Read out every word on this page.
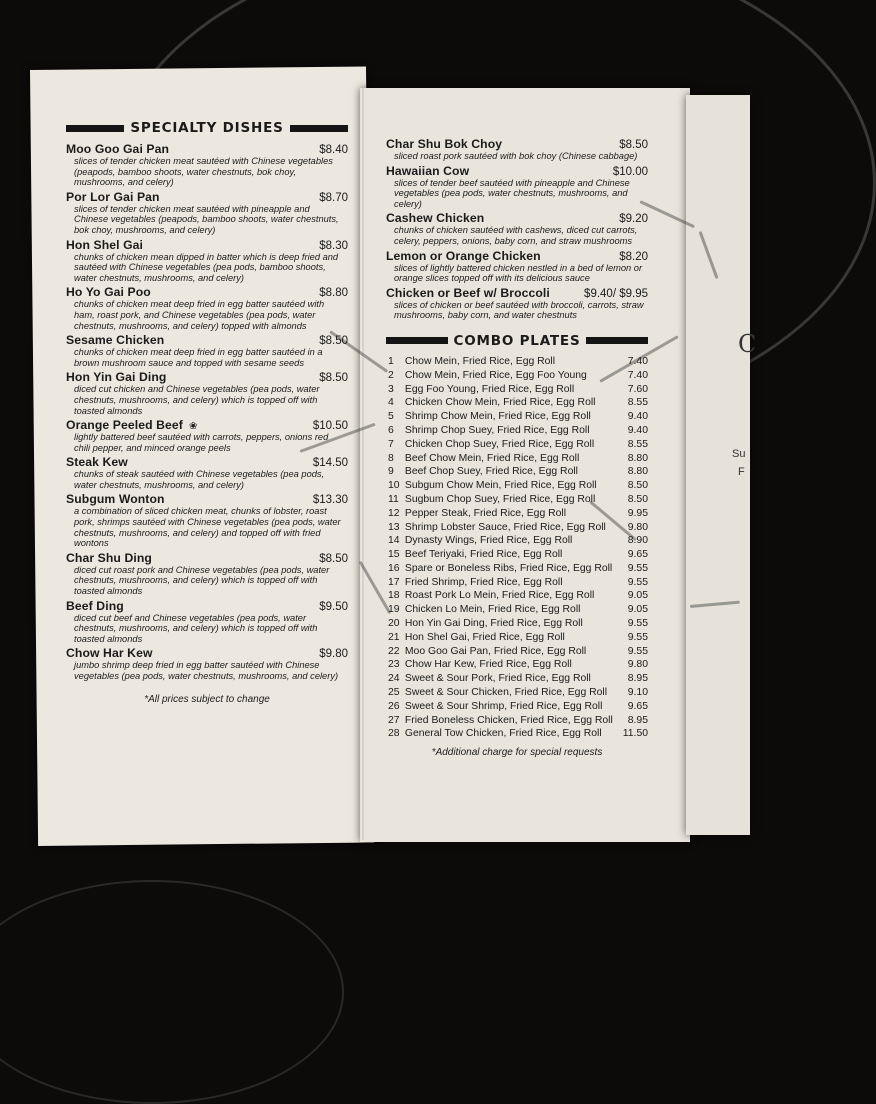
C
Su
F
SPECIALTY DISHES
Moo Goo Gai Pan	$8.40
slices of tender chicken meat sautéed with Chinese vegetables (peapods, bamboo shoots, water chestnuts, bok choy, mushrooms, and celery)
Por Lor Gai Pan	$8.70
slices of tender chicken meat sautéed with pineapple and Chinese vegetables (peapods, bamboo shoots, water chestnuts, bok choy, mushrooms, and celery)
Hon Shel Gai	$8.30
chunks of chicken mean dipped in batter which is deep fried and sautéed with Chinese vegetables (pea pods, bamboo shoots, water chestnuts, mushrooms, and celery)
Ho Yo Gai Poo	$8.80
chunks of chicken meat deep fried in egg batter sautéed with ham, roast pork, and Chinese vegetables (pea pods, water chestnuts, mushrooms, and celery) topped with almonds
Sesame Chicken	$8.50
chunks of chicken meat deep fried in egg batter sautéed in a brown mushroom sauce and topped with sesame seeds
Hon Yin Gai Ding	$8.50
diced cut chicken and Chinese vegetables (pea pods, water chestnuts, mushrooms, and celery) which is topped off with toasted almonds
Orange Peeled Beef ❀	$10.50
lightly battered beef sautéed with carrots, peppers, onions red chili pepper, and minced orange peels
Steak Kew	$14.50
chunks of steak sautéed with Chinese vegetables (pea pods, water chestnuts, mushrooms, and celery)
Subgum Wonton	$13.30
a combination of sliced chicken meat, chunks of lobster, roast pork, shrimps sautéed with Chinese vegetables (pea pods, water chestnuts, mushrooms, and celery) and topped off with fried wontons
Char Shu Ding	$8.50
diced cut roast pork and Chinese vegetables (pea pods, water chestnuts, mushrooms, and celery) which is topped off with toasted almonds
Beef Ding	$9.50
diced cut beef and Chinese vegetables (pea pods, water chestnuts, mushrooms, and celery) which is topped off with toasted almonds
Chow Har Kew	$9.80
jumbo shrimp deep fried in egg batter sautéed with Chinese vegetables (pea pods, water chestnuts, mushrooms, and celery)
*All prices subject to change
Char Shu Bok Choy	$8.50
sliced roast pork sautéed with bok choy (Chinese cabbage)
Hawaiian Cow	$10.00
slices of tender beef sautéed with pineapple and Chinese vegetables (pea pods, water chestnuts, mushrooms, and celery)
Cashew Chicken	$9.20
chunks of chicken sautéed with cashews, diced cut carrots, celery, peppers, onions, baby corn, and straw mushrooms
Lemon or Orange Chicken	$8.20
slices of lightly battered chicken nestled in a bed of lemon or orange slices topped off with its delicious sauce
Chicken or Beef w/ Broccoli	$9.40/ $9.95
slices of chicken or beef sautéed with broccoli, carrots, straw mushrooms, baby corn, and water chestnuts
COMBO PLATES
1 Chow Mein, Fried Rice, Egg Roll	7.40
2 Chow Mein, Fried Rice, Egg Foo Young	7.40
3 Egg Foo Young, Fried Rice, Egg Roll	7.60
4 Chicken Chow Mein, Fried Rice, Egg Roll	8.55
5 Shrimp Chow Mein, Fried Rice, Egg Roll	9.40
6 Shrimp Chop Suey, Fried Rice, Egg Roll	9.40
7 Chicken Chop Suey, Fried Rice, Egg Roll	8.55
8 Beef Chow Mein, Fried Rice, Egg Roll	8.80
9 Beef Chop Suey, Fried Rice, Egg Roll	8.80
10 Subgum Chow Mein, Fried Rice, Egg Roll	8.50
11 Sugbum Chop Suey, Fried Rice, Egg Roll	8.50
12 Pepper Steak, Fried Rice, Egg Roll	9.95
13 Shrimp Lobster Sauce, Fried Rice, Egg Roll	9.80
14 Dynasty Wings, Fried Rice, Egg Roll	8.90
15 Beef Teriyaki, Fried Rice, Egg Roll	9.65
16 Spare or Boneless Ribs, Fried Rice, Egg Roll	9.55
17 Fried Shrimp, Fried Rice, Egg Roll	9.55
18 Roast Pork Lo Mein, Fried Rice, Egg Roll	9.05
19 Chicken Lo Mein, Fried Rice, Egg Roll	9.05
20 Hon Yin Gai Ding, Fried Rice, Egg Roll	9.55
21 Hon Shel Gai, Fried Rice, Egg Roll	9.55
22 Moo Goo Gai Pan, Fried Rice, Egg Roll	9.55
23 Chow Har Kew, Fried Rice, Egg Roll	9.80
24 Sweet & Sour Pork, Fried Rice, Egg Roll	8.95
25 Sweet & Sour Chicken, Fried Rice, Egg Roll	9.10
26 Sweet & Sour Shrimp, Fried Rice, Egg Roll	9.65
27 Fried Boneless Chicken, Fried Rice, Egg Roll	8.95
28 General Tow Chicken, Fried Rice, Egg Roll	11.50
*Additional charge for special requests
